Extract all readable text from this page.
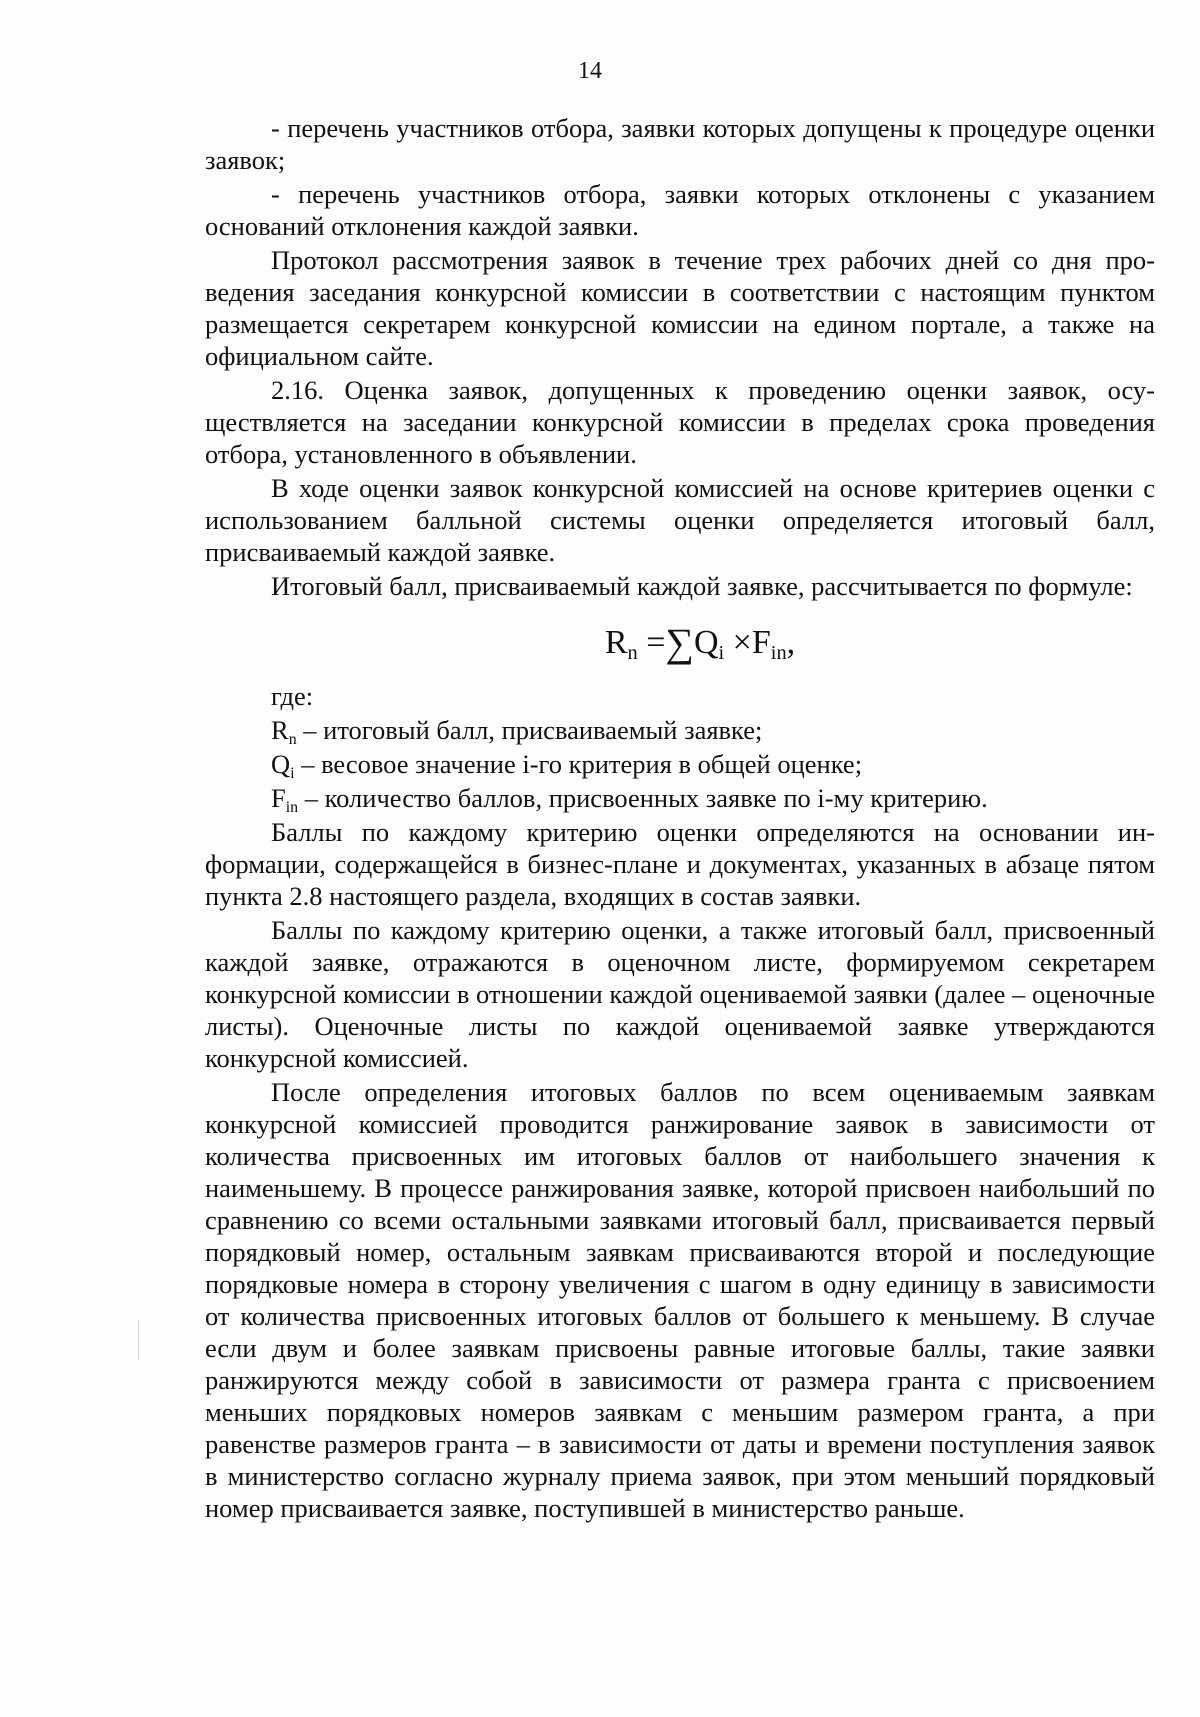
14

- перечень участников отбора, заявки которых допущены к процедуре оценки заявок;

- перечень участников отбора, заявки которых отклонены с указанием оснований отклонения каждой заявки.

Протокол рассмотрения заявок в течение трех рабочих дней со дня проведения заседания конкурсной комиссии в соответствии с настоящим пунктом размещается секретарем конкурсной комиссии на едином портале, а также на официальном сайте.

2.16. Оценка заявок, допущенных к проведению оценки заявок, осуществляется на заседании конкурсной комиссии в пределах срока проведения отбора, установленного в объявлении.

В ходе оценки заявок конкурсной комиссией на основе критериев оценки с использованием балльной системы оценки определяется итоговый балл, присваиваемый каждой заявке.

Итоговый балл, присваиваемый каждой заявке, рассчитывается по формуле:

$R_n =\sum Q_i \times F_{in}$,

где:

$R_n$ – итоговый балл, присваиваемый заявке;

$Q_i$ – весовое значение i-го критерия в общей оценке;

$F_{in}$ – количество баллов, присвоенных заявке по i-му критерию.

Баллы по каждому критерию оценки определяются на основании информации, содержащейся в бизнес-плане и документах, указанных в абзаце пятом пункта 2.8 настоящего раздела, входящих в состав заявки.

Баллы по каждому критерию оценки, а также итоговый балл, присвоенный каждой заявке, отражаются в оценочном листе, формируемом секретарем конкурсной комиссии в отношении каждой оцениваемой заявки (далее – оценочные листы). Оценочные листы по каждой оцениваемой заявке утверждаются конкурсной комиссией.

После определения итоговых баллов по всем оцениваемым заявкам конкурсной комиссией проводится ранжирование заявок в зависимости от количества присвоенных им итоговых баллов от наибольшего значения к наименьшему. В процессе ранжирования заявке, которой присвоен наибольший по сравнению со всеми остальными заявками итоговый балл, присваивается первый порядковый номер, остальным заявкам присваиваются второй и последующие порядковые номера в сторону увеличения с шагом в одну единицу в зависимости от количества присвоенных итоговых баллов от большего к меньшему. В случае если двум и более заявкам присвоены равные итоговые баллы, такие заявки ранжируются между собой в зависимости от размера гранта с присвоением меньших порядковых номеров заявкам с меньшим размером гранта, а при равенстве размеров гранта – в зависимости от даты и времени поступления заявок в министерство согласно журналу приема заявок, при этом меньший порядковый номер присваивается заявке, поступившей в министерство раньше.
